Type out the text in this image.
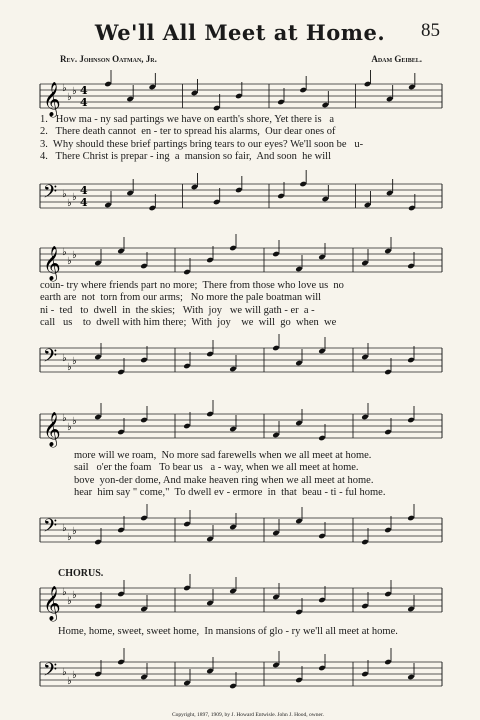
We'll All Meet at Home.	85
Rev. Johnson Oatman, Jr.	Adam Geibel.
𝄞 ♭
♭
♭ 4
4
1.   How ma - ny sad partings we have on earth's shore, Yet there is   a
2.   There death cannot  en - ter to spread his alarms,  Our dear ones of
3.  Why should these brief partings bring tears to our eyes? We'll soon be   u-
4.   There Christ is prepar - ing  a  mansion so fair,  And soon  he will
𝄢 ♭
♭
♭
4
4
𝄞 ♭
♭
♭
coun- try where friends part no more;  There from those who love us  no
earth are  not  torn from our arms;   No more the pale boatman will
ni -  ted   to  dwell  in  the skies;   With  joy   we will gath - er  a -
call   us    to  dwell with him there;  With  joy    we  will  go  when  we
𝄢 ♭
♭
♭
𝄞 ♭
♭
♭
more will we roam,  No more sad farewells when we all meet at home.
sail   o'er the foam   To bear us   a - way, when we all meet at home.
bove  yon-der dome, And make heaven ring when we all meet at home.
hear  him say " come,"  To dwell ev - ermore  in  that  beau - ti - ful home.
𝄢 ♭
♭
♭
CHORUS.
𝄞 ♭
♭
♭
Home, home, sweet, sweet home,  In mansions of glo - ry we'll all meet at home.
𝄢 ♭
♭
♭
Copyright, 1897, 1909, by J. Howard Entwisle. John J. Hood, owner.
